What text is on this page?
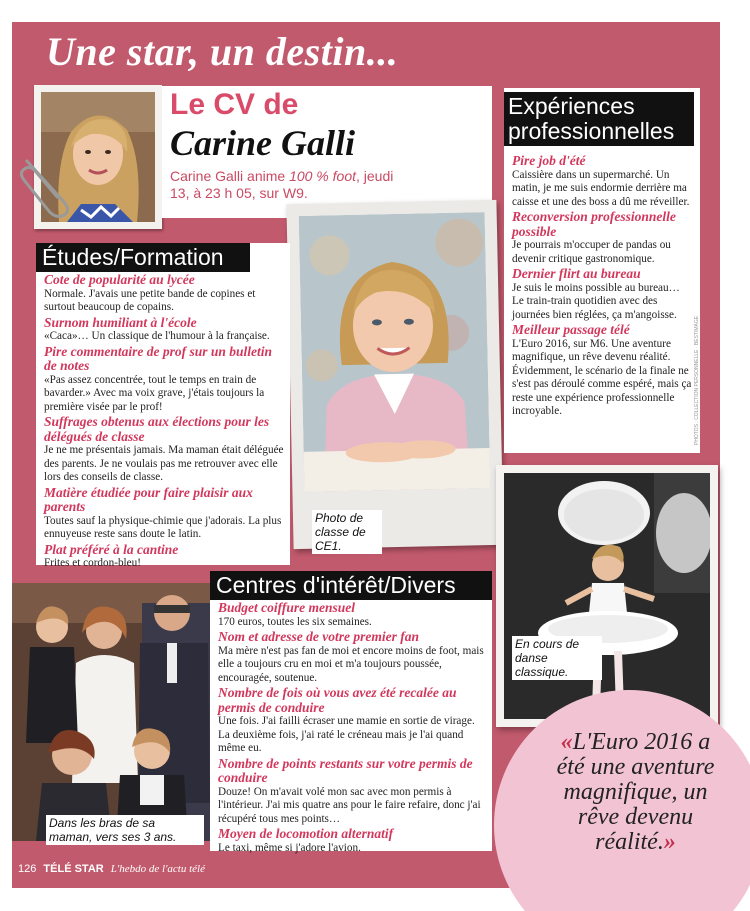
Une star, un destin...
Le CV de
Carine Galli
Carine Galli anime 100 % foot, jeudi 13, à 23 h 05, sur W9.
Photo de classe de CE1.
Études/Formation
Cote de popularité au lycée
Normale. J'avais une petite bande de copines et surtout beaucoup de copains.
Surnom humiliant à l'école
«Caca»… Un classique de l'humour à la française.
Pire commentaire de prof sur un bulletin de notes
«Pas assez concentrée, tout le temps en train de bavarder.» Avec ma voix grave, j'étais toujours la première visée par le prof!
Suffrages obtenus aux élections pour les délégués de classe
Je ne me présentais jamais. Ma maman était déléguée des parents. Je ne voulais pas me retrouver avec elle lors des conseils de classe.
Matière étudiée pour faire plaisir aux parents
Toutes sauf la physique-chimie que j'adorais. La plus ennuyeuse reste sans doute le latin.
Plat préféré à la cantine
Frites et cordon-bleu!
Expériences professionnelles
Pire job d'été
Caissière dans un supermarché. Un matin, je me suis endormie derrière ma caisse et une des boss a dû me réveiller.
Reconversion professionnelle possible
Je pourrais m'occuper de pandas ou devenir critique gastronomique.
Dernier flirt au bureau
Je suis le moins possible au bureau… Le train-train quotidien avec des journées bien réglées, ça m'angoisse.
Meilleur passage télé
L'Euro 2016, sur M6. Une aventure magnifique, un rêve devenu réalité. Évidemment, le scénario de la finale ne s'est pas déroulé comme espéré, mais ça reste une expérience professionnelle incroyable.	PHOTOS : COLLECTION PERSONNELLE · BESTIMAGE
En cours de danse classique.
Dans les bras de sa maman, vers ses 3 ans.
Centres d'intérêt/Divers
Budget coiffure mensuel
170 euros, toutes les six semaines.
Nom et adresse de votre premier fan
Ma mère n'est pas fan de moi et encore moins de foot, mais elle a toujours cru en moi et m'a toujours poussée, encouragée, soutenue.
Nombre de fois où vous avez été recalée au permis de conduire
Une fois. J'ai failli écraser une mamie en sortie de virage. La deuxième fois, j'ai raté le créneau mais je l'ai quand même eu.
Nombre de points restants sur votre permis de conduire
Douze! On m'avait volé mon sac avec mon permis à l'intérieur. J'ai mis quatre ans pour le faire refaire, donc j'ai récupéré tous mes points…
Moyen de locomotion alternatif
Le taxi, même si j'adore l'avion.
«L'Euro 2016 a été une aventure magnifique, un rêve devenu réalité.»
126 TÉLÉ STAR L'hebdo de l'actu télé
